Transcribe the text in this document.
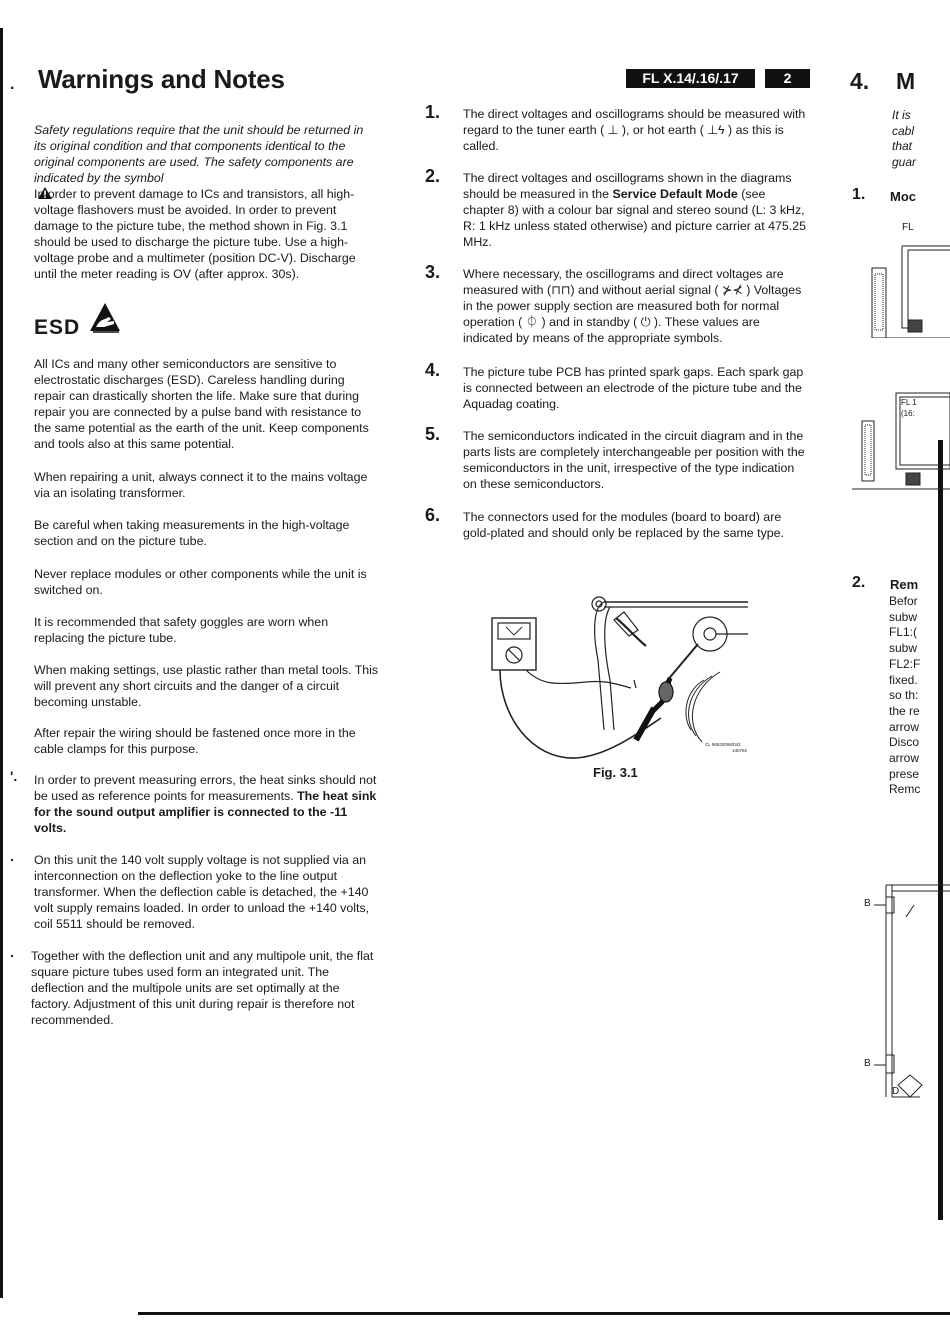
. Warnings and Notes	FL X.14/.16/.17	2

Safety regulations require that the unit should be returned in its original condition and that components identical to the original components are used. The safety components are indicated by the symbol

In order to prevent damage to ICs and transistors, all high-voltage flashovers must be avoided. In order to prevent damage to the picture tube, the method shown in Fig. 3.1 should be used to discharge the picture tube. Use a high-voltage probe and a multimeter (position DC-V). Discharge until the meter reading is OV (after approx. 30s).
ESD
All ICs and many other semiconductors are sensitive to electrostatic discharges (ESD). Careless handling during repair can drastically shorten the life. Make sure that during repair you are connected by a pulse band with resistance to the same potential as the earth of the unit. Keep components and tools also at this same potential.
When repairing a unit, always connect it to the mains voltage via an isolating transformer.
Be careful when taking measurements in the high-voltage section and on the picture tube.
Never replace modules or other components while the unit is switched on.
It is recommended that safety goggles are worn when replacing the picture tube.
When making settings, use plastic rather than metal tools. This will prevent any short circuits and the danger of a circuit becoming unstable.
After repair the wiring should be fastened once more in the cable clamps for this purpose.
'. In order to prevent measuring errors, the heat sinks should not be used as reference points for measurements. The heat sink for the sound output amplifier is connected to the -11 volts.
. On this unit the 140 volt supply voltage is not supplied via an interconnection on the deflection yoke to the line output transformer. When the deflection cable is detached, the +140 volt supply remains loaded. In order to unload the +140 volts, coil 5511 should be removed.
. Together with the deflection unit and any multipole unit, the flat square picture tubes used form an integrated unit. The deflection and the multipole units are set optimally at the factory. Adjustment of this unit during repair is therefore not recommended.
1. The direct voltages and oscillograms should be measured with regard to the tuner earth ( ⊥ ), or hot earth ( ⊥ϟ ) as this is called.
2. The direct voltages and oscillograms shown in the diagrams should be measured in the Service Default Mode (see chapter 8) with a colour bar signal and stereo sound (L: 3 kHz, R: 1 kHz unless stated otherwise) and picture carrier at 475.25 MHz.
3. Where necessary, the oscillograms and direct voltages are measured with (⊓⊓) and without aerial signal ( ⊁⊀ ) Voltages in the power supply section are measured both for normal operation ( ⏀ ) and in standby ( ⏻ ). These values are indicated by means of the appropriate symbols.
4. The picture tube PCB has printed spark gaps. Each spark gap is connected between an electrode of the picture tube and the Aquadag coating.
5. The semiconductors indicated in the circuit diagram and in the parts lists are completely interchangeable per position with the semiconductors in the unit, irrespective of the type indication on these semiconductors.
6. The connectors used for the modules (board to board) are gold-plated and should only be replaced by the same type.
CL 96532098/042
140792
Fig. 3.1
4. M
It is
cabl
that
guar
1. Moc
FL
FL 1
(16:
2. Rem
Befor
subw
FL1:(
subw
FL2:F
fixed.
so th:
the re
arrow
Disco
arrow
presе
Remc
B
B
D
